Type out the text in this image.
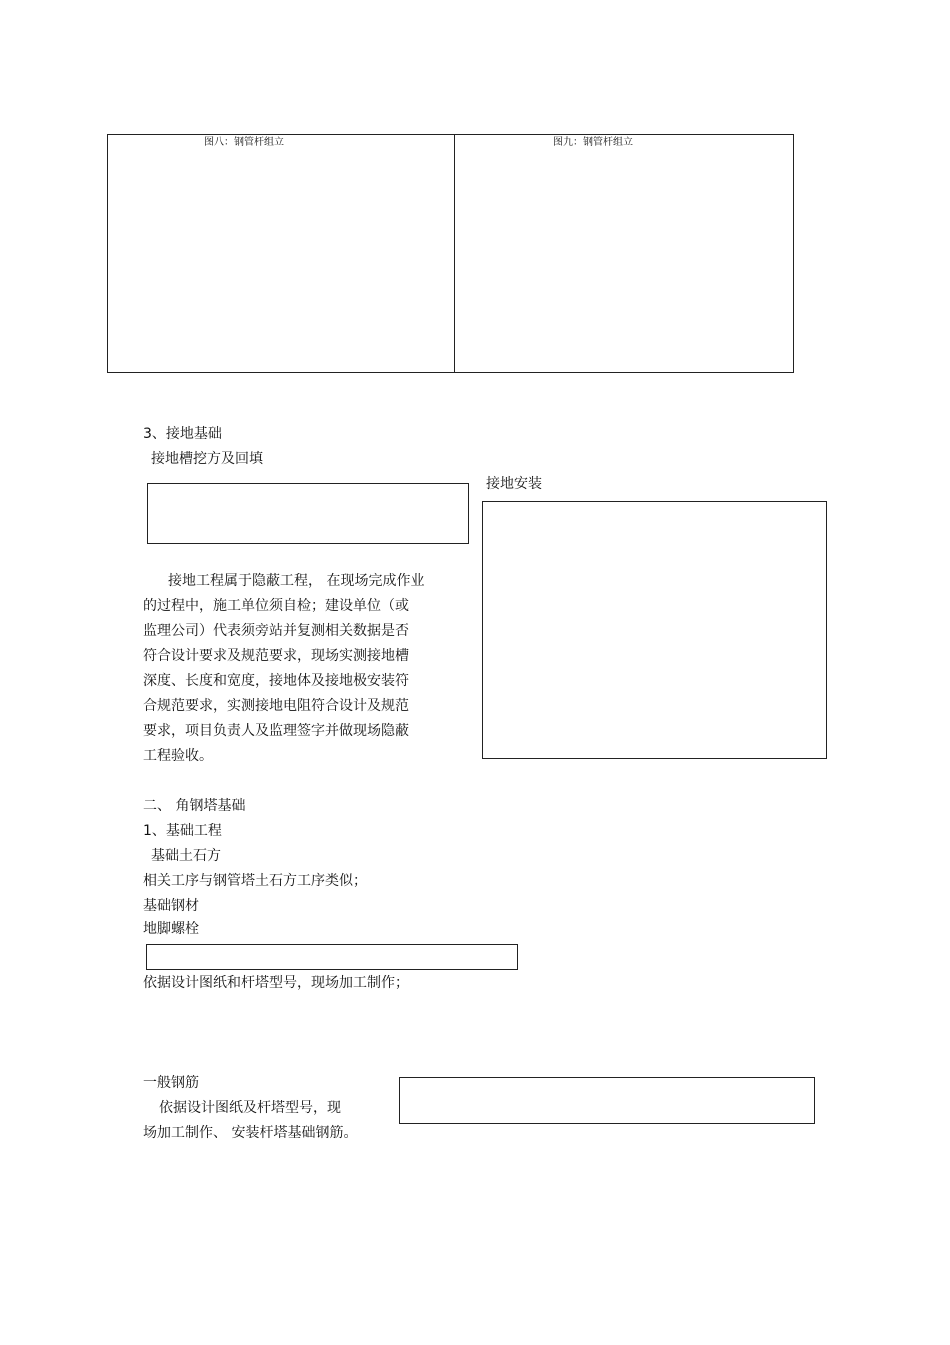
图八：钢管杆组立	图九：钢管杆组立
3、接地基础
接地槽挖方及回填
接地安装
接地工程属于隐蔽工程， 在现场完成作业
的过程中，施工单位须自检；建设单位（或
监理公司）代表须旁站并复测相关数据是否
符合设计要求及规范要求，现场实测接地槽
深度、长度和宽度，接地体及接地极安装符
合规范要求，实测接地电阻符合设计及规范
要求，项目负责人及监理签字并做现场隐蔽
工程验收。
二、 角钢塔基础
1、基础工程
基础土石方
相关工序与钢管塔土石方工序类似；
基础钢材
地脚螺栓
依据设计图纸和杆塔型号，现场加工制作；
一般钢筋
依据设计图纸及杆塔型号，现
场加工制作、 安装杆塔基础钢筋。
